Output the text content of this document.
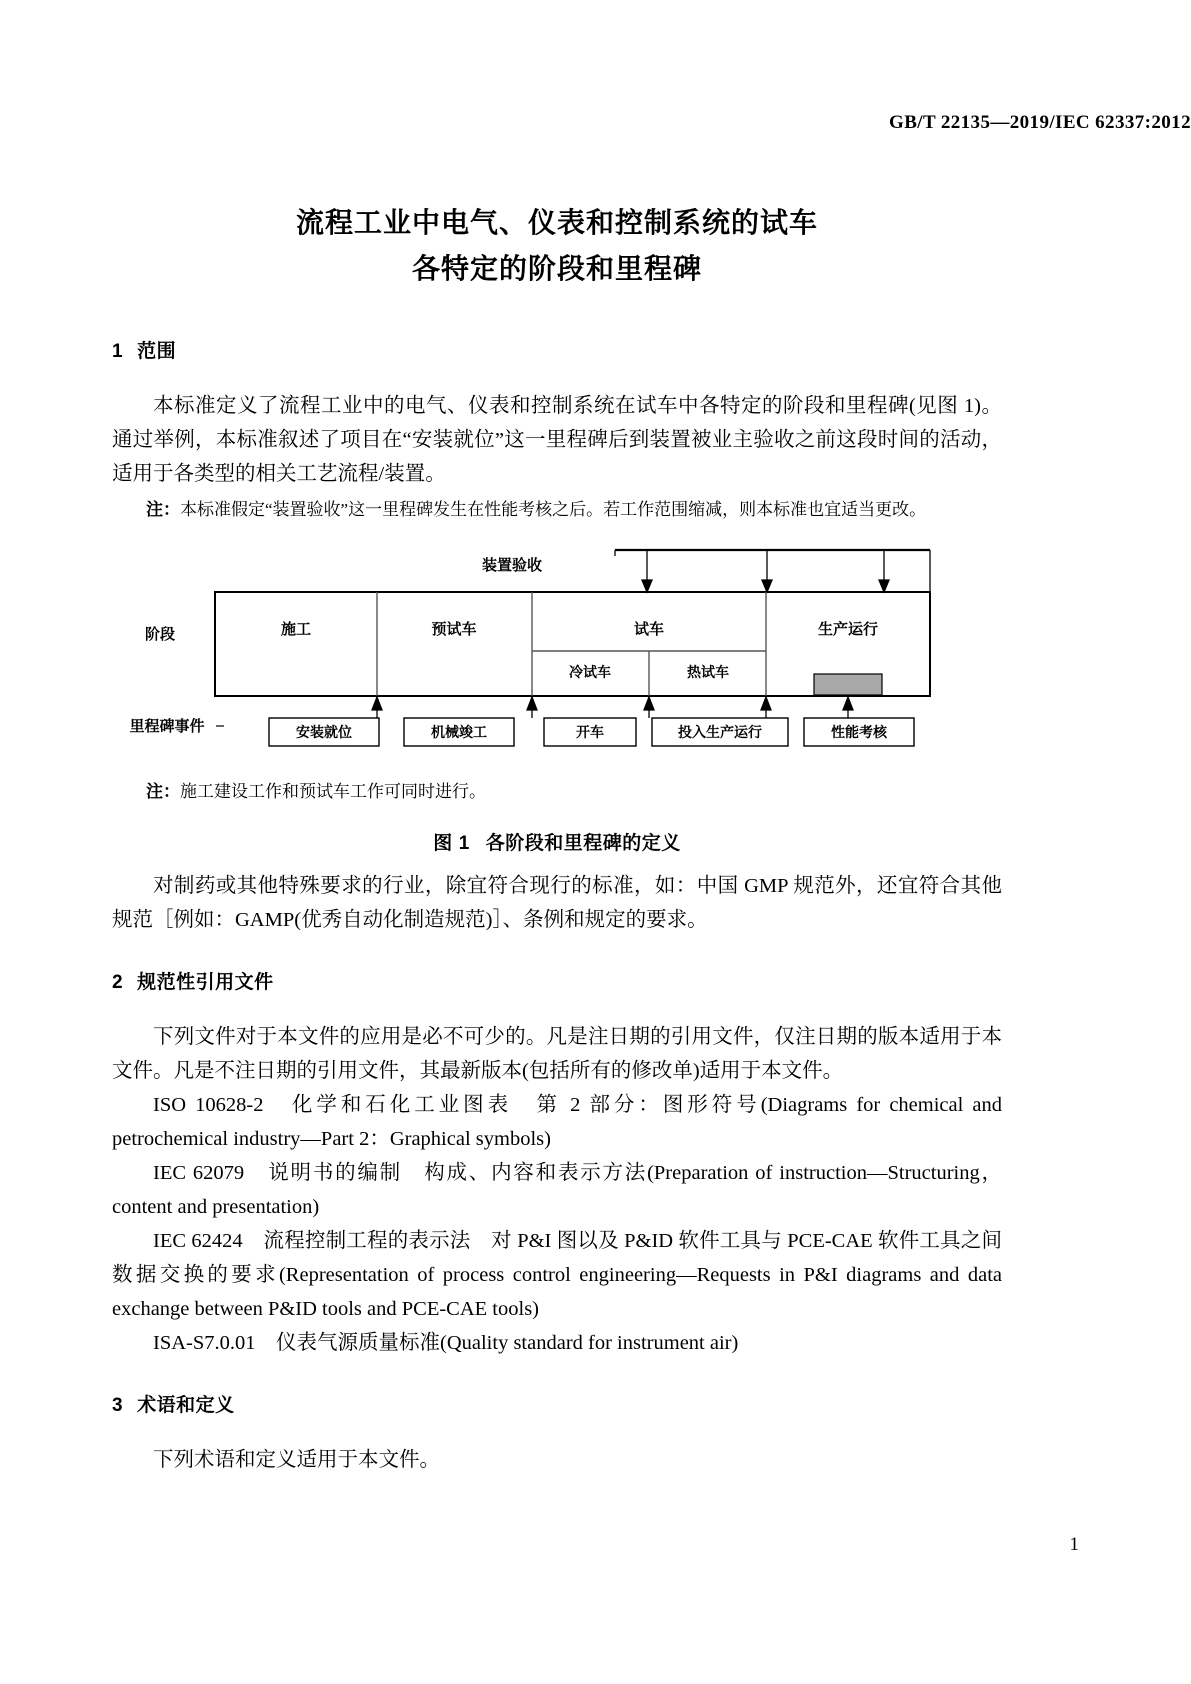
GB/T 22135—2019/IEC 62337:2012
流程工业中电气、仪表和控制系统的试车
各特定的阶段和里程碑
1 范围

本标准定义了流程工业中的电气、仪表和控制系统在试车中各特定的阶段和里程碑(见图 1)。通过举例，本标准叙述了项目在“安装就位”这一里程碑后到装置被业主验收之前这段时间的活动，适用于各类型的相关工艺流程/装置。

注：本标准假定“装置验收”这一里程碑发生在性能考核之后。若工作范围缩减，则本标准也宜适当更改。

装置验收
施工	预试车	试车	生产运行
冷试车	热试车
阶段
里程碑事件	安装就位	机械竣工	开车	投入生产运行	性能考核

注：施工建设工作和预试车工作可同时进行。

图 1 各阶段和里程碑的定义

对制药或其他特殊要求的行业，除宜符合现行的标准，如：中国 GMP 规范外，还宜符合其他规范［例如：GAMP(优秀自动化制造规范)］、条例和规定的要求。

2 规范性引用文件

下列文件对于本文件的应用是必不可少的。凡是注日期的引用文件，仅注日期的版本适用于本文件。凡是不注日期的引用文件，其最新版本(包括所有的修改单)适用于本文件。

ISO 10628-2　化学和石化工业图表　第 2 部分：图形符号(Diagrams for chemical and petrochemical industry—Part 2：Graphical symbols)

IEC 62079　说明书的编制　构成、内容和表示方法(Preparation of instruction—Structuring，content and presentation)

IEC 62424　流程控制工程的表示法　对 P&I 图以及 P&ID 软件工具与 PCE-CAE 软件工具之间数据交换的要求(Representation of process control engineering—Requests in P&I diagrams and data exchange between P&ID tools and PCE-CAE tools)

ISA-S7.0.01　仪表气源质量标准(Quality standard for instrument air)

3 术语和定义

下列术语和定义适用于本文件。

1
